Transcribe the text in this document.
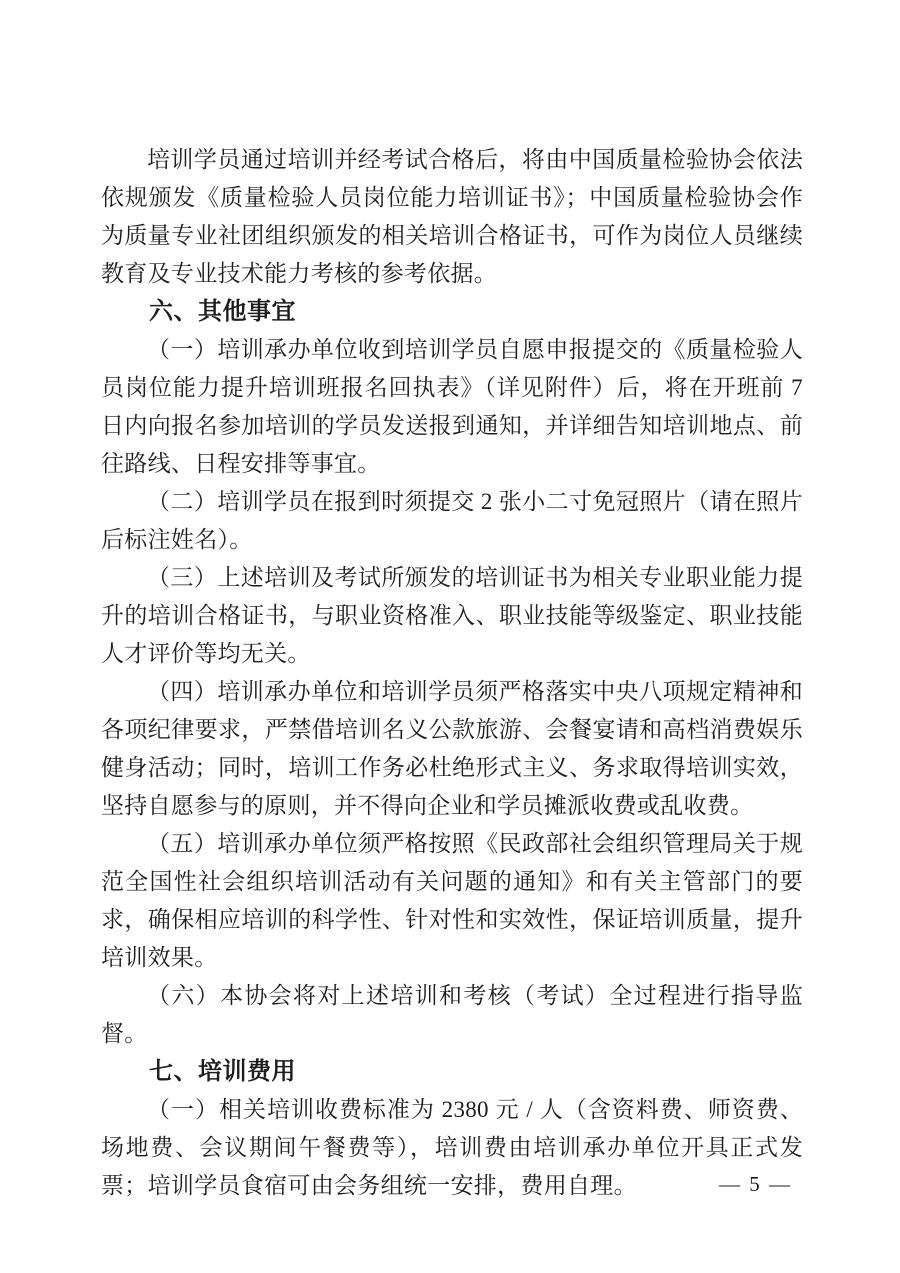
培训学员通过培训并经考试合格后，将由中国质量检验协会依法依规颁发《质量检验人员岗位能力培训证书》；中国质量检验协会作为质量专业社团组织颁发的相关培训合格证书，可作为岗位人员继续教育及专业技术能力考核的参考依据。

六、其他事宜

（一）培训承办单位收到培训学员自愿申报提交的《质量检验人员岗位能力提升培训班报名回执表》（详见附件）后，将在开班前 7 日内向报名参加培训的学员发送报到通知，并详细告知培训地点、前往路线、日程安排等事宜。

（二）培训学员在报到时须提交 2 张小二寸免冠照片（请在照片后标注姓名）。

（三）上述培训及考试所颁发的培训证书为相关专业职业能力提升的培训合格证书，与职业资格准入、职业技能等级鉴定、职业技能人才评价等均无关。

（四）培训承办单位和培训学员须严格落实中央八项规定精神和各项纪律要求，严禁借培训名义公款旅游、会餐宴请和高档消费娱乐健身活动；同时，培训工作务必杜绝形式主义、务求取得培训实效，坚持自愿参与的原则，并不得向企业和学员摊派收费或乱收费。

（五）培训承办单位须严格按照《民政部社会组织管理局关于规范全国性社会组织培训活动有关问题的通知》和有关主管部门的要求，确保相应培训的科学性、针对性和实效性，保证培训质量，提升培训效果。

（六）本协会将对上述培训和考核（考试）全过程进行指导监督。

七、培训费用

（一）相关培训收费标准为 2380 元 / 人（含资料费、师资费、场地费、会议期间午餐费等），培训费由培训承办单位开具正式发票；培训学员食宿可由会务组统一安排，费用自理。	— 5 —
